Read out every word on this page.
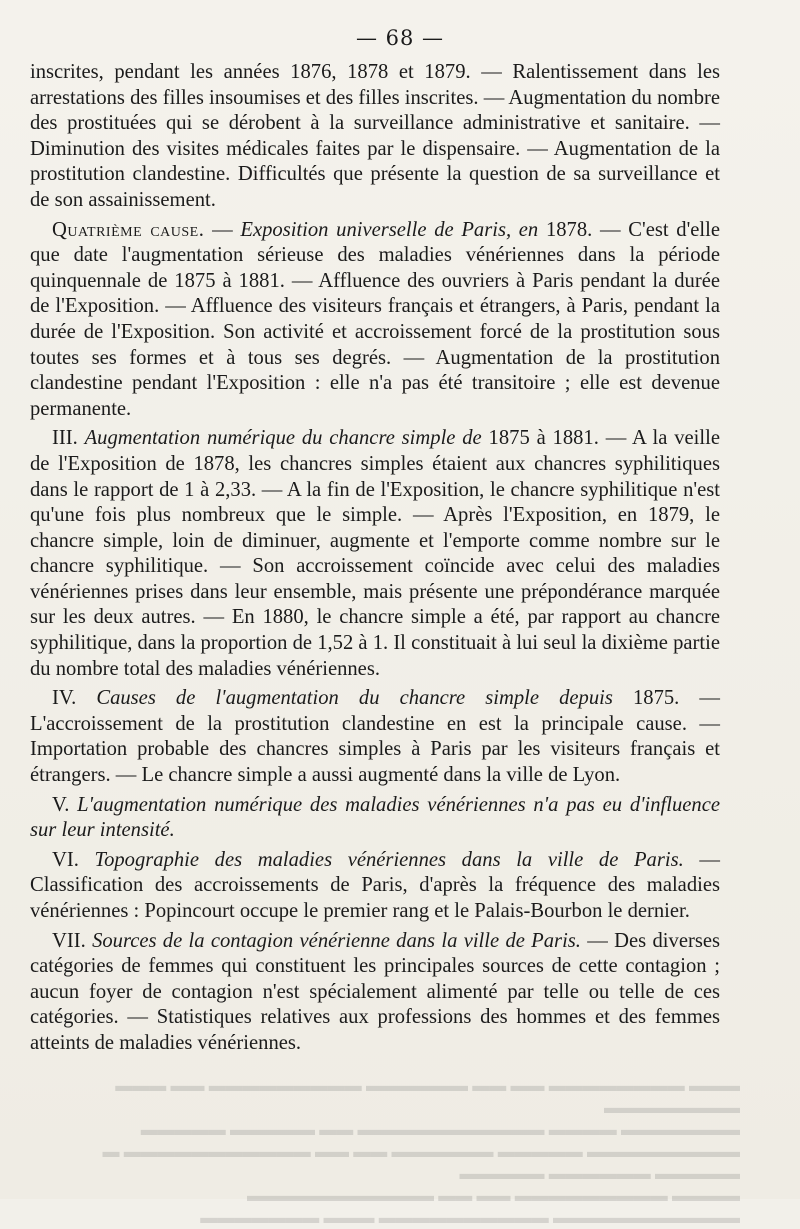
▬▬▬ ▬▬▬▬▬▬▬▬ ▬▬ ▬▬ ▬▬▬▬▬▬ ▬▬▬▬▬▬▬▬▬ ▬▬ ▬▬▬ ▬▬▬▬▬▬▬▬
▬▬▬▬▬▬▬ ▬▬▬▬ ▬▬▬▬▬▬▬▬▬▬▬ ▬▬ ▬▬▬▬▬ ▬▬▬▬▬
▬▬▬▬▬▬▬▬▬ ▬▬▬▬▬ ▬▬▬▬▬▬ ▬▬ ▬▬ ▬▬▬▬▬▬▬▬▬▬▬ ▬ ▬▬▬▬▬ ▬▬▬▬▬▬ ▬▬▬▬▬
▬▬▬▬ ▬▬▬▬▬▬▬▬▬ ▬▬ ▬▬ ▬▬▬▬▬▬▬▬▬▬▬ ▬▬▬▬▬▬▬▬▬▬▬ ▬▬▬▬▬▬▬▬▬▬ ▬▬▬ ▬▬▬▬▬▬▬
— 68 —

inscrites, pendant les années 1876, 1878 et 1879. — Ralentissement dans les arrestations des filles insoumises et des filles inscrites. — Augmentation du nombre des prostituées qui se dérobent à la surveillance administrative et sanitaire. — Diminution des visites médicales faites par le dispensaire. — Augmentation de la prostitution clandestine. Difficultés que présente la question de sa surveillance et de son assainissement.

Quatrième cause. — Exposition universelle de Paris, en 1878. — C'est d'elle que date l'augmentation sérieuse des maladies vénériennes dans la période quinquennale de 1875 à 1881. — Affluence des ouvriers à Paris pendant la durée de l'Exposition. — Affluence des visiteurs français et étrangers, à Paris, pendant la durée de l'Exposition. Son activité et accroissement forcé de la prostitution sous toutes ses formes et à tous ses degrés. — Augmentation de la prostitution clandestine pendant l'Exposition : elle n'a pas été transitoire ; elle est devenue permanente.

III. Augmentation numérique du chancre simple de 1875 à 1881. — A la veille de l'Exposition de 1878, les chancres simples étaient aux chancres syphilitiques dans le rapport de 1 à 2,33. — A la fin de l'Exposition, le chancre syphilitique n'est qu'une fois plus nombreux que le simple. — Après l'Exposition, en 1879, le chancre simple, loin de diminuer, augmente et l'emporte comme nombre sur le chancre syphilitique. — Son accroissement coïncide avec celui des maladies vénériennes prises dans leur ensemble, mais présente une prépondérance marquée sur les deux autres. — En 1880, le chancre simple a été, par rapport au chancre syphilitique, dans la proportion de 1,52 à 1. Il constituait à lui seul la dixième partie du nombre total des maladies vénériennes.

IV. Causes de l'augmentation du chancre simple depuis 1875. — L'accroissement de la prostitution clandestine en est la principale cause. — Importation probable des chancres simples à Paris par les visiteurs français et étrangers. — Le chancre simple a aussi augmenté dans la ville de Lyon.

V. L'augmentation numérique des maladies vénériennes n'a pas eu d'influence sur leur intensité.

VI. Topographie des maladies vénériennes dans la ville de Paris. — Classification des accroissements de Paris, d'après la fréquence des maladies vénériennes : Popincourt occupe le premier rang et le Palais-Bourbon le dernier.

VII. Sources de la contagion vénérienne dans la ville de Paris. — Des diverses catégories de femmes qui constituent les principales sources de cette contagion ; aucun foyer de contagion n'est spécialement alimenté par telle ou telle de ces catégories. — Statistiques relatives aux professions des hommes et des femmes atteints de maladies vénériennes.
